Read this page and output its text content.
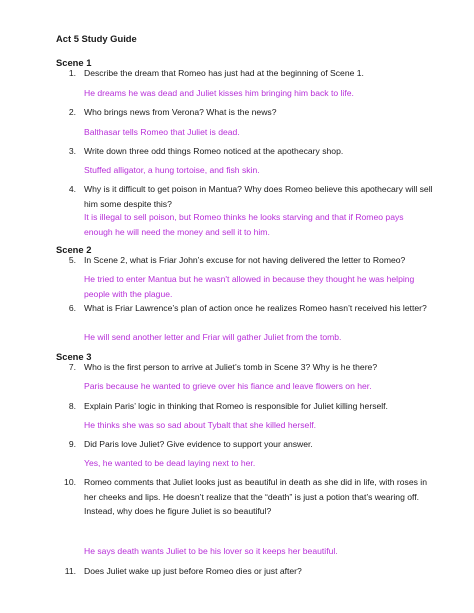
Act 5 Study Guide
Scene 1
1. Describe the dream that Romeo has just had at the beginning of Scene 1.
He dreams he was dead and Juliet kisses him bringing him back to life.
2. Who brings news from Verona? What is the news?
Balthasar tells Romeo that Juliet is dead.
3. Write down three odd things Romeo noticed at the apothecary shop.
Stuffed alligator, a hung tortoise, and fish skin.
4. Why is it difficult to get poison in Mantua? Why does Romeo believe this apothecary will sell him some despite this?
It is illegal to sell poison, but Romeo thinks he looks starving and that if Romeo pays enough he will need the money and sell it to him.
Scene 2
5. In Scene 2, what is Friar John’s excuse for not having delivered the letter to Romeo?
He tried to enter Mantua but he wasn't allowed in because they thought he was helping people with the plague.
6. What is Friar Lawrence’s plan of action once he realizes Romeo hasn’t received his letter?
He will send another letter and Friar will gather Juliet from the tomb.
Scene 3
7. Who is the first person to arrive at Juliet’s tomb in Scene 3? Why is he there?
Paris because he wanted to grieve over his fiance and leave flowers on her.
8. Explain Paris’ logic in thinking that Romeo is responsible for Juliet killing herself.
He thinks she was so sad about Tybalt that she killed herself.
9. Did Paris love Juliet? Give evidence to support your answer.
Yes, he wanted to be dead laying next to her.
10. Romeo comments that Juliet looks just as beautiful in death as she did in life, with roses in her cheeks and lips. He doesn’t realize that the “death” is just a potion that’s wearing off. Instead, why does he figure Juliet is so beautiful?
He says death wants Juliet to be his lover so it keeps her beautiful.
11. Does Juliet wake up just before Romeo dies or just after?
